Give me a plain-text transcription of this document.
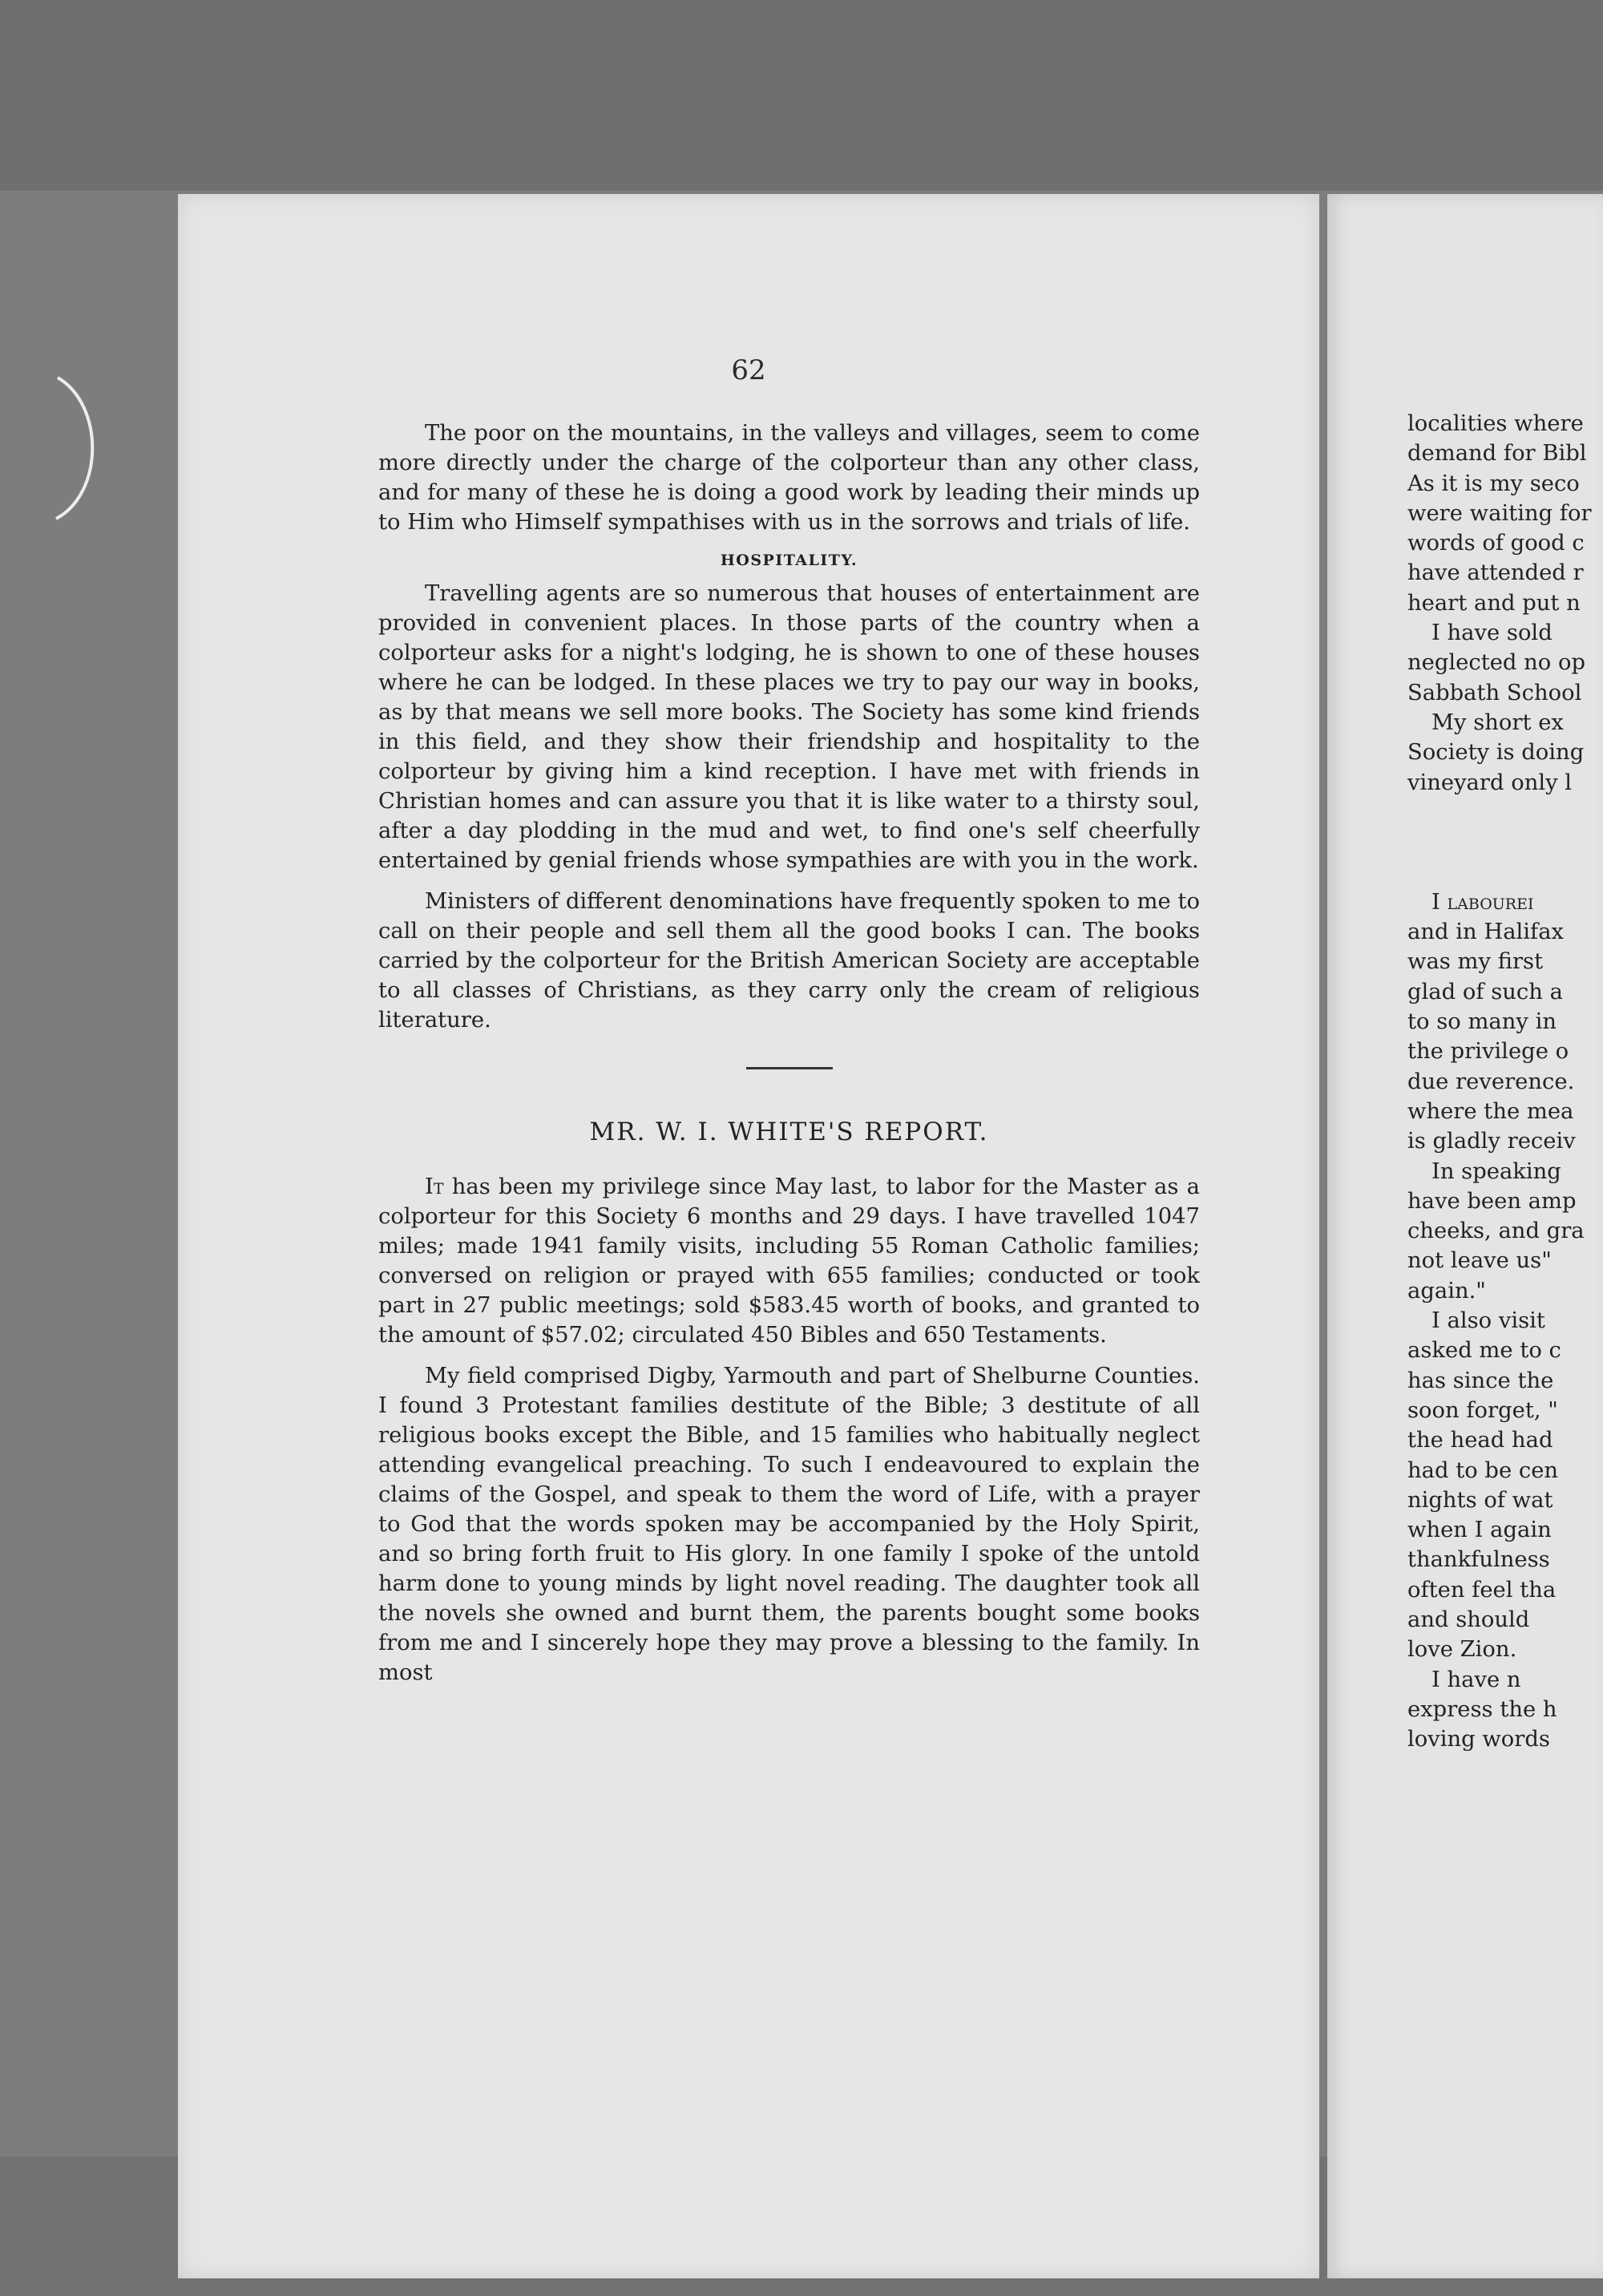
62

The poor on the mountains, in the valleys and villages, seem to come more directly under the charge of the colporteur than any other class, and for many of these he is doing a good work by leading their minds up to Him who Himself sympathises with us in the sorrows and trials of life.

HOSPITALITY.

Travelling agents are so numerous that houses of entertainment are provided in convenient places. In those parts of the country when a colporteur asks for a night's lodging, he is shown to one of these houses where he can be lodged. In these places we try to pay our way in books, as by that means we sell more books. The Society has some kind friends in this field, and they show their friendship and hospitality to the colporteur by giving him a kind reception. I have met with friends in Christian homes and can assure you that it is like water to a thirsty soul, after a day plodding in the mud and wet, to find one's self cheerfully entertained by genial friends whose sympathies are with you in the work.

Ministers of different denominations have frequently spoken to me to call on their people and sell them all the good books I can. The books carried by the colporteur for the British American Society are acceptable to all classes of Christians, as they carry only the cream of religious literature.

MR. W. I. WHITE'S REPORT.

It has been my privilege since May last, to labor for the Master as a colporteur for this Society 6 months and 29 days. I have travelled 1047 miles; made 1941 family visits, including 55 Roman Catholic families; conversed on religion or prayed with 655 families; conducted or took part in 27 public meetings; sold $583.45 worth of books, and granted to the amount of $57.02; circulated 450 Bibles and 650 Testaments.

My field comprised Digby, Yarmouth and part of Shelburne Counties. I found 3 Protestant families destitute of the Bible; 3 destitute of all religious books except the Bible, and 15 families who habitually neglect attending evangelical preaching. To such I endeavoured to explain the claims of the Gospel, and speak to them the word of Life, with a prayer to God that the words spoken may be accompanied by the Holy Spirit, and so bring forth fruit to His glory. In one family I spoke of the untold harm done to young minds by light novel reading. The daughter took all the novels she owned and burnt them, the parents bought some books from me and I sincerely hope they may prove a blessing to the family. In most

localities where
demand for Bibl
As it is my seco
were waiting for
words of good c
have attended r
heart and put n
I have sold
neglected no op
Sabbath School
My short ex
Society is doing
vineyard only l
I labourei
and in Halifax
was my first
glad of such a
to so many in
the privilege o
due reverence.
where the mea
is gladly receiv
In speaking
have been amp
cheeks, and gra
not leave us"
again."
I also visit
asked me to c
has since the
soon forget, "
the head had
had to be cen
nights of wat
when I again
thankfulness
often feel tha
and should
love Zion.
I have n
express the h
loving words
